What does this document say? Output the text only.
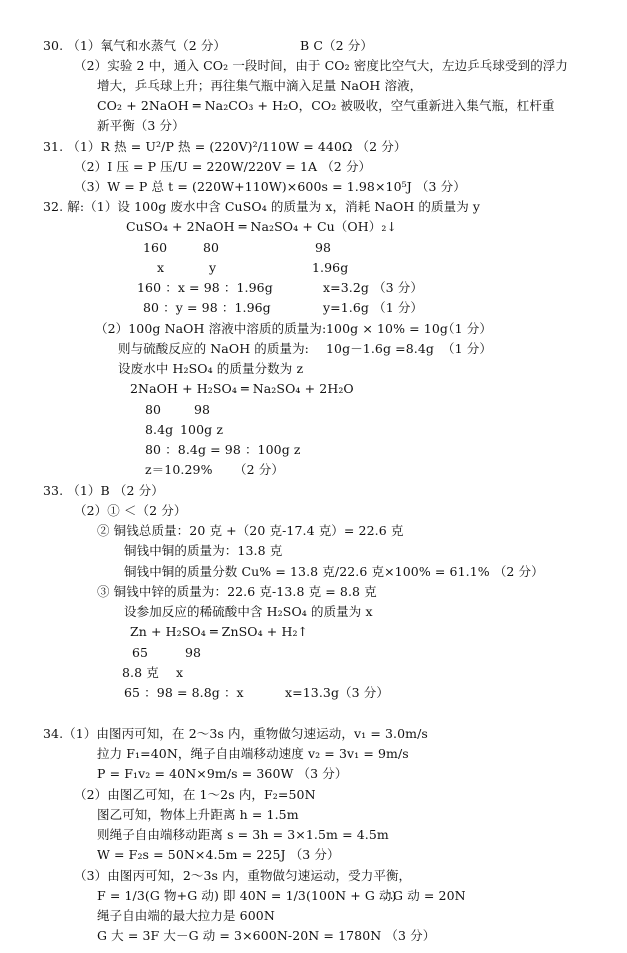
30. （1）氧气和水蒸气（2 分）	B C（2 分）
（2）实验 2 中，通入 CO₂ 一段时间，由于 CO₂ 密度比空气大，左边乒乓球受到的浮力
增大，乒乓球上升；再往集气瓶中滴入足量 NaOH 溶液，
CO₂ + 2NaOH ═ Na₂CO₃ + H₂O，CO₂ 被吸收，空气重新进入集气瓶，杠杆重
新平衡（3 分）
31. （1）R 热 = U²/P 热 = (220V)²/110W = 440Ω （2 分）
（2）I 压 = P 压/U = 220W/220V = 1A （2 分）
（3）W = P 总 t = (220W+110W)×600s = 1.98×10⁵J （3 分）
32. 解:（1）设 100g 废水中含 CuSO₄ 的质量为 x，消耗 NaOH 的质量为 y
CuSO₄ + 2NaOH ═ Na₂SO₄ + Cu（OH）₂↓
160	80	98
x	y	1.96g
160 ：x = 98 ：1.96g	x=3.2g （3 分）
80 ：y = 98 ：1.96g	y=1.6g （1 分）
（2）100g NaOH 溶液中溶质的质量为: 100g × 10% = 10g
（1 分）
则与硫酸反应的 NaOH 的质量为: 10g－1.6g =8.4g （1 分）
设废水中 H₂SO₄ 的质量分数为 z
2NaOH + H₂SO₄ ═ Na₂SO₄ + 2H₂O
80	98
8.4g 100g z
80 ：8.4g = 98 ：100g z
z＝10.29% （2 分）
33. （1）B （2 分）
（2）① ＜（2 分）
② 铜钱总质量：20 克 +（20 克-17.4 克）= 22.6 克
铜钱中铜的质量为：13.8 克
铜钱中铜的质量分数 Cu% = 13.8 克/22.6 克×100% = 61.1% （2 分）
③ 铜钱中锌的质量为：22.6 克-13.8 克 = 8.8 克
设参加反应的稀硫酸中含 H₂SO₄ 的质量为 x
Zn + H₂SO₄ ═ ZnSO₄ + H₂↑
65	98
8.8 克 x
65 ：98 = 8.8g ：x	x=13.3g（3 分）
34.（1）由图丙可知，在 2～3s 内，重物做匀速运动，v₁ = 3.0m/s
拉力 F₁=40N，绳子自由端移动速度 v₂ = 3v₁ = 9m/s
P = F₁v₂ = 40N×9m/s = 360W （3 分）
（2）由图乙可知，在 1～2s 内，F₂=50N
图乙可知，物体上升距离 h = 1.5m
则绳子自由端移动距离 s = 3h = 3×1.5m = 4.5m
W = F₂s = 50N×4.5m = 225J （3 分）
（3）由图丙可知，2～3s 内，重物做匀速运动，受力平衡，
F = 1/3(G 物+G 动) 即 40N = 1/3(100N + G 动)
∴G 动 = 20N
绳子自由端的最大拉力是 600N
G 大 = 3F 大－G 动 = 3×600N-20N = 1780N （3 分）
